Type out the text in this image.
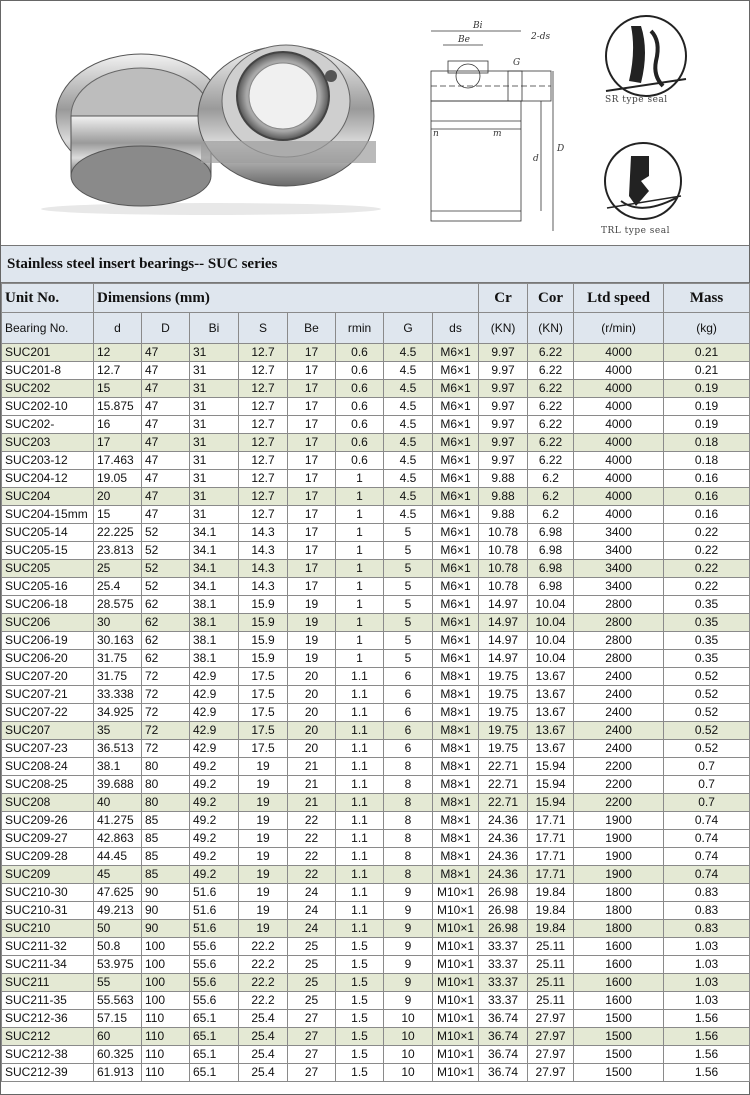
Bi
Be
G
2-ds
n	m
d
D
SR type seal
TRL type seal
Stainless steel insert bearings-- SUC series
Unit No.	Dimensions (mm)								Cr	Cor	Ltd speed	Mass
Bearing No.	d	D	Bi	S	Be	rmin	G	ds	(KN)	(KN)	(r/min)	(kg)
SUC201	12	47	31	12.7	17	0.6	4.5	M6×1	9.97	6.22	4000	0.21
SUC201-8	12.7	47	31	12.7	17	0.6	4.5	M6×1	9.97	6.22	4000	0.21
SUC202	15	47	31	12.7	17	0.6	4.5	M6×1	9.97	6.22	4000	0.19
SUC202-10	15.875	47	31	12.7	17	0.6	4.5	M6×1	9.97	6.22	4000	0.19
SUC202-	16	47	31	12.7	17	0.6	4.5	M6×1	9.97	6.22	4000	0.19
SUC203	17	47	31	12.7	17	0.6	4.5	M6×1	9.97	6.22	4000	0.18
SUC203-12	17.463	47	31	12.7	17	0.6	4.5	M6×1	9.97	6.22	4000	0.18
SUC204-12	19.05	47	31	12.7	17	1	4.5	M6×1	9.88	6.2	4000	0.16
SUC204	20	47	31	12.7	17	1	4.5	M6×1	9.88	6.2	4000	0.16
SUC204-15mm	15	47	31	12.7	17	1	4.5	M6×1	9.88	6.2	4000	0.16
SUC205-14	22.225	52	34.1	14.3	17	1	5	M6×1	10.78	6.98	3400	0.22
SUC205-15	23.813	52	34.1	14.3	17	1	5	M6×1	10.78	6.98	3400	0.22
SUC205	25	52	34.1	14.3	17	1	5	M6×1	10.78	6.98	3400	0.22
SUC205-16	25.4	52	34.1	14.3	17	1	5	M6×1	10.78	6.98	3400	0.22
SUC206-18	28.575	62	38.1	15.9	19	1	5	M6×1	14.97	10.04	2800	0.35
SUC206	30	62	38.1	15.9	19	1	5	M6×1	14.97	10.04	2800	0.35
SUC206-19	30.163	62	38.1	15.9	19	1	5	M6×1	14.97	10.04	2800	0.35
SUC206-20	31.75	62	38.1	15.9	19	1	5	M6×1	14.97	10.04	2800	0.35
SUC207-20	31.75	72	42.9	17.5	20	1.1	6	M8×1	19.75	13.67	2400	0.52
SUC207-21	33.338	72	42.9	17.5	20	1.1	6	M8×1	19.75	13.67	2400	0.52
SUC207-22	34.925	72	42.9	17.5	20	1.1	6	M8×1	19.75	13.67	2400	0.52
SUC207	35	72	42.9	17.5	20	1.1	6	M8×1	19.75	13.67	2400	0.52
SUC207-23	36.513	72	42.9	17.5	20	1.1	6	M8×1	19.75	13.67	2400	0.52
SUC208-24	38.1	80	49.2	19	21	1.1	8	M8×1	22.71	15.94	2200	0.7
SUC208-25	39.688	80	49.2	19	21	1.1	8	M8×1	22.71	15.94	2200	0.7
SUC208	40	80	49.2	19	21	1.1	8	M8×1	22.71	15.94	2200	0.7
SUC209-26	41.275	85	49.2	19	22	1.1	8	M8×1	24.36	17.71	1900	0.74
SUC209-27	42.863	85	49.2	19	22	1.1	8	M8×1	24.36	17.71	1900	0.74
SUC209-28	44.45	85	49.2	19	22	1.1	8	M8×1	24.36	17.71	1900	0.74
SUC209	45	85	49.2	19	22	1.1	8	M8×1	24.36	17.71	1900	0.74
SUC210-30	47.625	90	51.6	19	24	1.1	9	M10×1	26.98	19.84	1800	0.83
SUC210-31	49.213	90	51.6	19	24	1.1	9	M10×1	26.98	19.84	1800	0.83
SUC210	50	90	51.6	19	24	1.1	9	M10×1	26.98	19.84	1800	0.83
SUC211-32	50.8	100	55.6	22.2	25	1.5	9	M10×1	33.37	25.11	1600	1.03
SUC211-34	53.975	100	55.6	22.2	25	1.5	9	M10×1	33.37	25.11	1600	1.03
SUC211	55	100	55.6	22.2	25	1.5	9	M10×1	33.37	25.11	1600	1.03
SUC211-35	55.563	100	55.6	22.2	25	1.5	9	M10×1	33.37	25.11	1600	1.03
SUC212-36	57.15	110	65.1	25.4	27	1.5	10	M10×1	36.74	27.97	1500	1.56
SUC212	60	110	65.1	25.4	27	1.5	10	M10×1	36.74	27.97	1500	1.56
SUC212-38	60.325	110	65.1	25.4	27	1.5	10	M10×1	36.74	27.97	1500	1.56
SUC212-39	61.913	110	65.1	25.4	27	1.5	10	M10×1	36.74	27.97	1500	1.56
